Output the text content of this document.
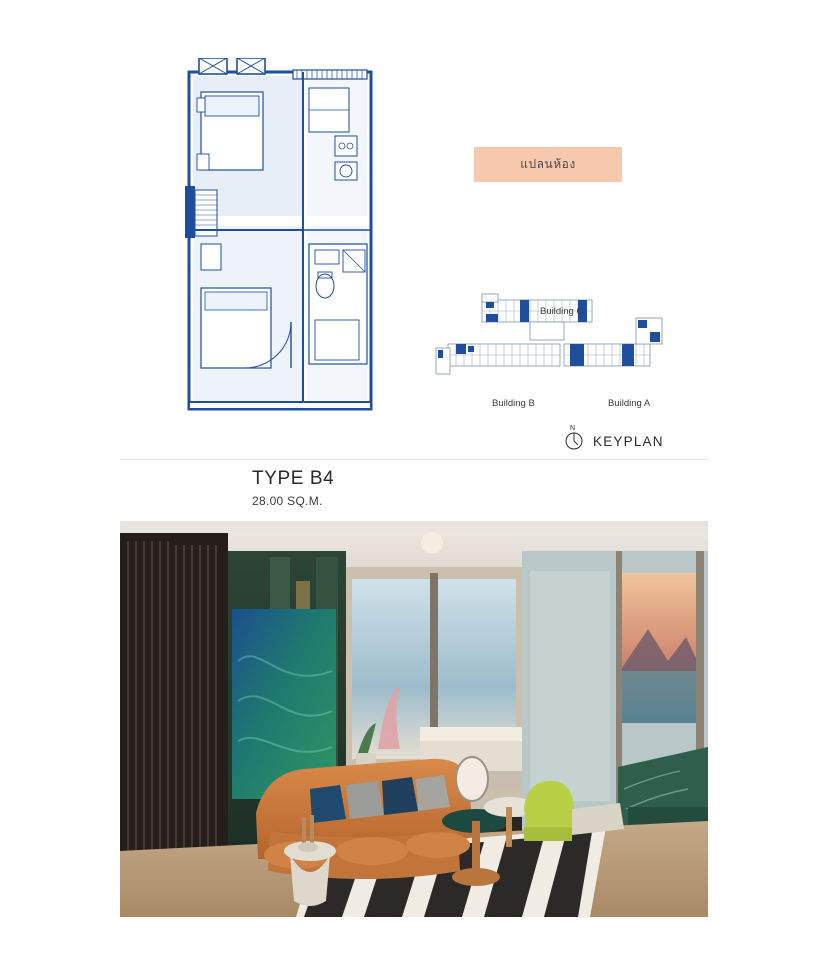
แปลนห้อง
Building C
Building B	Building A
N
KEYPLAN
TYPE B4

28.00 SQ.M.
